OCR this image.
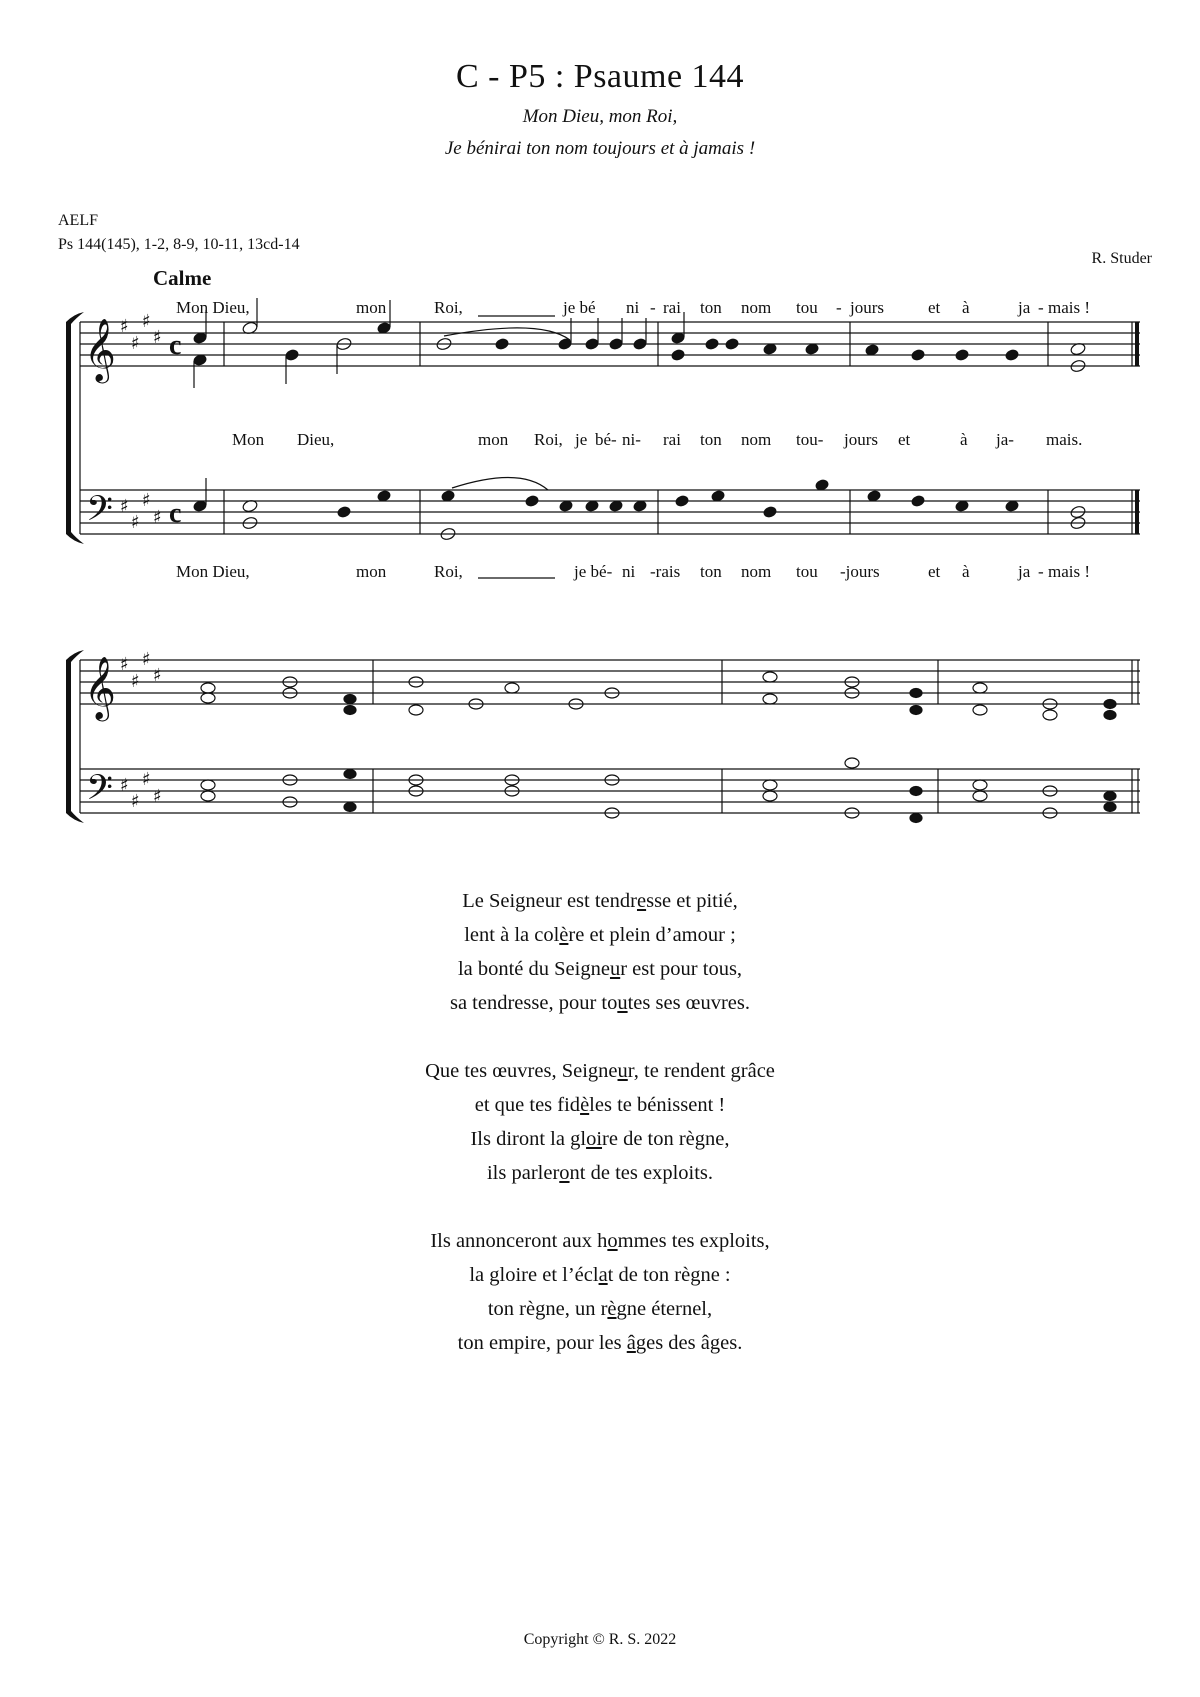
C - P5 : Psaume 144
Mon Dieu, mon Roi,
Je bénirai ton nom toujours et à jamais !
AELF
Ps 144(145), 1-2, 8-9, 10-11, 13cd-14
R. Studer
Calme
𝄞
𝄢
𝄞
𝄢
♯
♯
♯
♯
♯
♯
♯
♯
♯
♯
♯
♯
♯
♯
♯
♯
c
c
Mon Dieu,	mon	Roi,	je bé ni - rai ton nom tou - jours	et à	ja - mais !
Mon Dieu,	mon Roi, je bé- ni- rai ton nom tou- jours et	à ja- mais.
Mon Dieu,	mon	Roi,	je bé- ni -rais ton nom tou -jours	et à	ja - mais !
Le Seigneur est tendresse et pitié,
lent à la colère et plein d’amour ;
la bonté du Seigneur est pour tous,
sa tendresse, pour toutes ses œuvres.
Que tes œuvres, Seigneur, te rendent grâce
et que tes fidèles te bénissent !
Ils diront la gloire de ton règne,
ils parleront de tes exploits.
Ils annonceront aux hommes tes exploits,
la gloire et l’éclat de ton règne :
ton règne, un règne éternel,
ton empire, pour les âges des âges.
Copyright © R. S. 2022
